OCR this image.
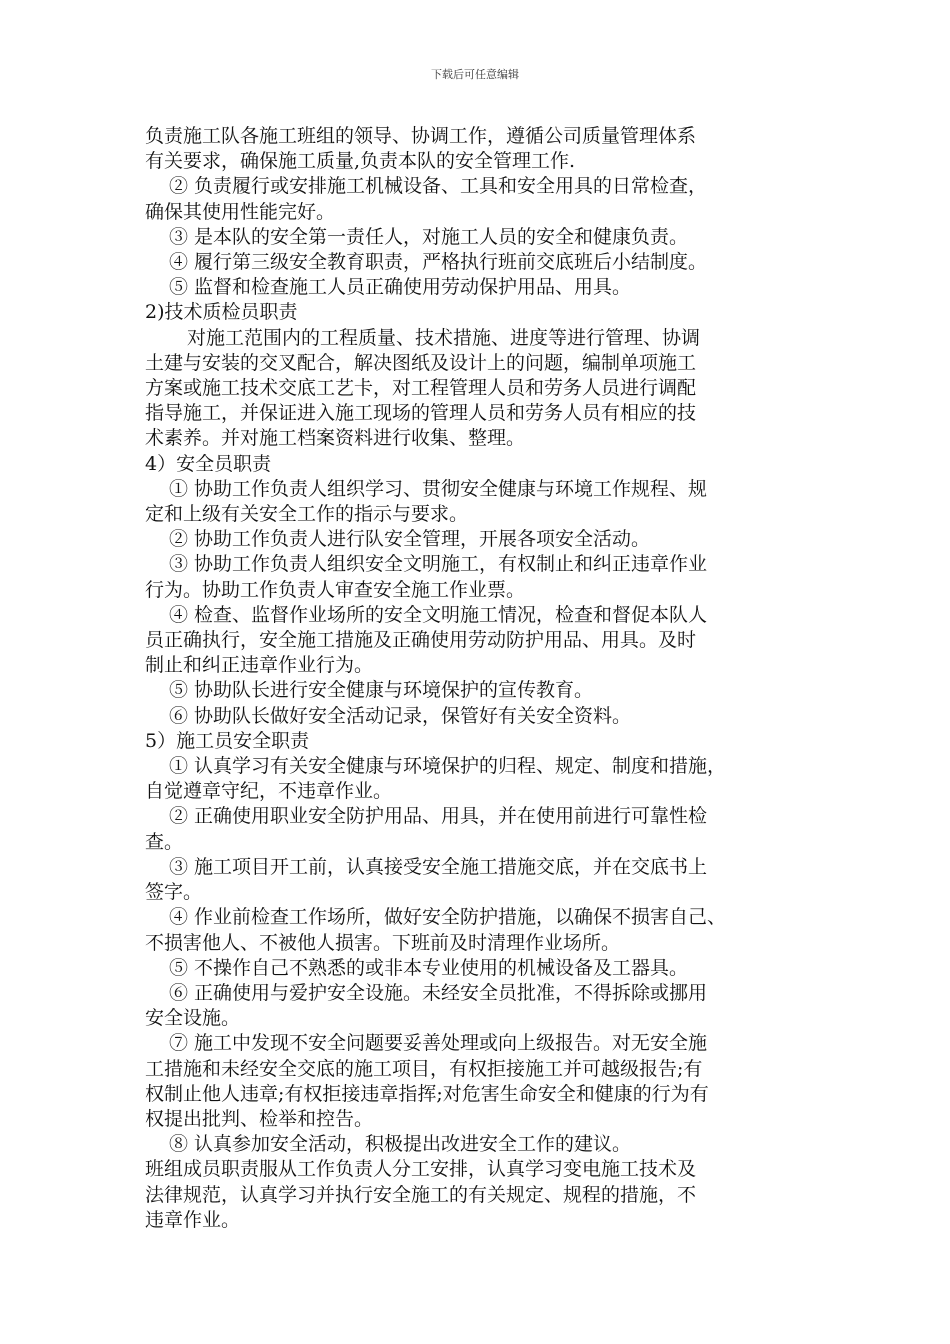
下载后可任意编辑
负责施工队各施工班组的领导、协调工作，遵循公司质量管理体系
有关要求，确保施工质量,负责本队的安全管理工作.
② 负责履行或安排施工机械设备、工具和安全用具的日常检查，
确保其使用性能完好。
③ 是本队的安全第一责任人，对施工人员的安全和健康负责。
④ 履行第三级安全教育职责，严格执行班前交底班后小结制度。
⑤ 监督和检查施工人员正确使用劳动保护用品、用具。
2)技术质检员职责
对施工范围内的工程质量、技术措施、进度等进行管理、协调
土建与安装的交叉配合，解决图纸及设计上的问题，编制单项施工
方案或施工技术交底工艺卡，对工程管理人员和劳务人员进行调配
指导施工，并保证进入施工现场的管理人员和劳务人员有相应的技
术素养。并对施工档案资料进行收集、整理。
4）安全员职责
① 协助工作负责人组织学习、贯彻安全健康与环境工作规程、规
定和上级有关安全工作的指示与要求。
② 协助工作负责人进行队安全管理，开展各项安全活动。
③ 协助工作负责人组织安全文明施工，有权制止和纠正违章作业
行为。协助工作负责人审查安全施工作业票。
④ 检查、监督作业场所的安全文明施工情况，检查和督促本队人
员正确执行，安全施工措施及正确使用劳动防护用品、用具。及时
制止和纠正违章作业行为。
⑤ 协助队长进行安全健康与环境保护的宣传教育。
⑥ 协助队长做好安全活动记录，保管好有关安全资料。
5）施工员安全职责
① 认真学习有关安全健康与环境保护的归程、规定、制度和措施，
自觉遵章守纪，不违章作业。
② 正确使用职业安全防护用品、用具，并在使用前进行可靠性检
查。
③ 施工项目开工前，认真接受安全施工措施交底，并在交底书上
签字。
④ 作业前检查工作场所，做好安全防护措施，以确保不损害自己、
不损害他人、不被他人损害。下班前及时清理作业场所。
⑤ 不操作自己不熟悉的或非本专业使用的机械设备及工器具。
⑥ 正确使用与爱护安全设施。未经安全员批准，不得拆除或挪用
安全设施。
⑦ 施工中发现不安全问题要妥善处理或向上级报告。对无安全施
工措施和未经安全交底的施工项目，有权拒接施工并可越级报告;有
权制止他人违章;有权拒接违章指挥;对危害生命安全和健康的行为有
权提出批判、检举和控告。
⑧ 认真参加安全活动，积极提出改进安全工作的建议。
班组成员职责服从工作负责人分工安排，认真学习变电施工技术及
法律规范，认真学习并执行安全施工的有关规定、规程的措施，不
违章作业。
